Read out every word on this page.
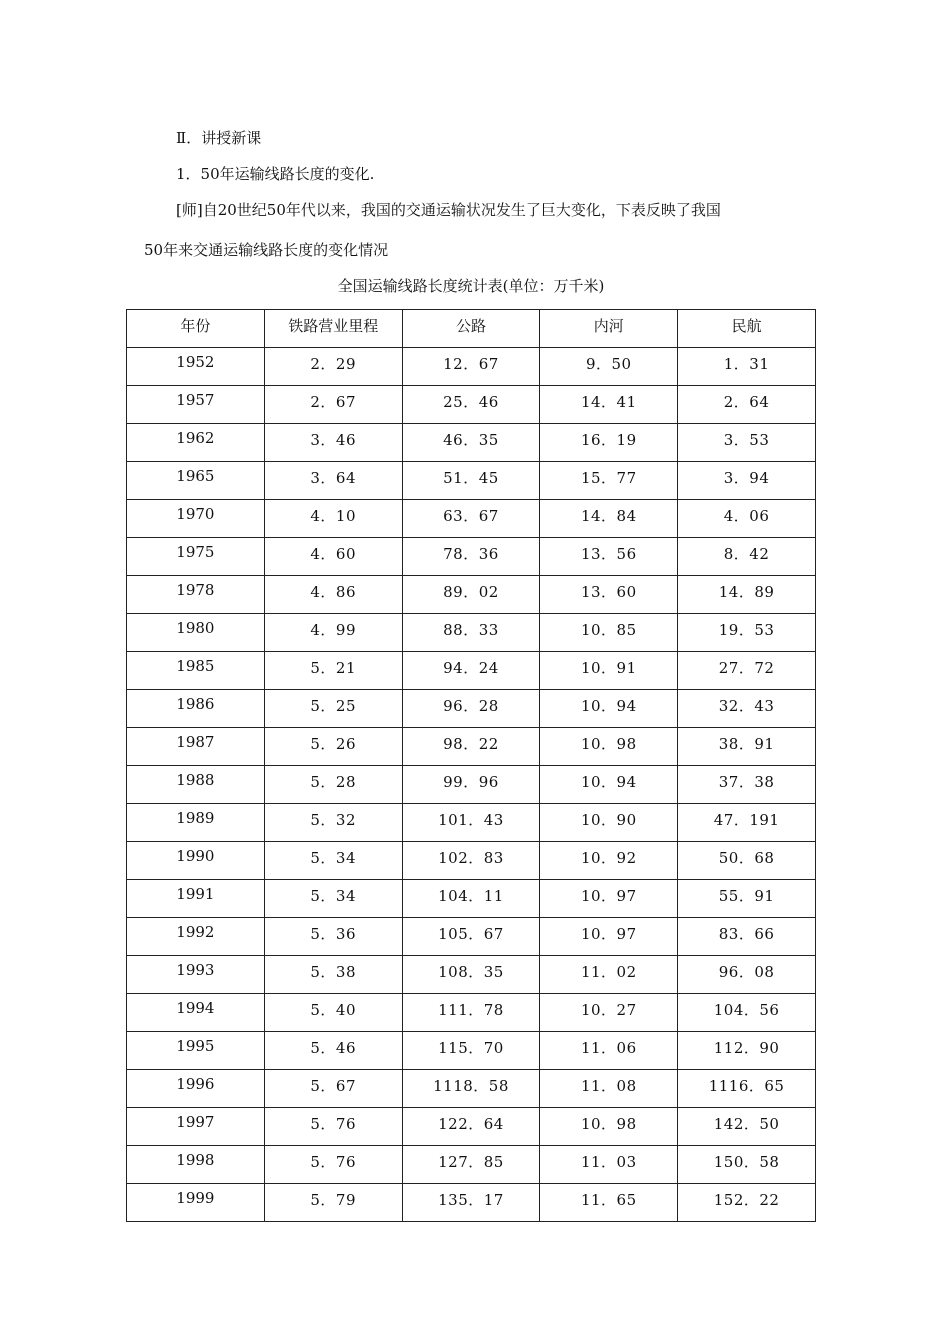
Ⅱ．讲授新课
1．50年运输线路长度的变化.
[师]自20世纪50年代以来，我国的交通运输状况发生了巨大变化，下表反映了我国
50年来交通运输线路长度的变化情况
全国运输线路长度统计表(单位：万千米)
年份	铁路营业里程	公路	内河	民航
1952	2．29	12．67	9．50	1．31
1957	2．67	25．46	14．41	2．64
1962	3．46	46．35	16．19	3．53
1965	3．64	51．45	15．77	3．94
1970	4．10	63．67	14．84	4．06
1975	4．60	78．36	13．56	8．42
1978	4．86	89．02	13．60	14．89
1980	4．99	88．33	10．85	19．53
1985	5．21	94．24	10．91	27．72
1986	5．25	96．28	10．94	32．43
1987	5．26	98．22	10．98	38．91
1988	5．28	99．96	10．94	37．38
1989	5．32	101．43	10．90	47．191
1990	5．34	102．83	10．92	50．68
1991	5．34	104．11	10．97	55．91
1992	5．36	105．67	10．97	83．66
1993	5．38	108．35	11．02	96．08
1994	5．40	111．78	10．27	104．56
1995	5．46	115．70	11．06	112．90
1996	5．67	1118．58	11．08	1116．65
1997	5．76	122．64	10．98	142．50
1998	5．76	127．85	11．03	150．58
1999	5．79	135．17	11．65	152．22
